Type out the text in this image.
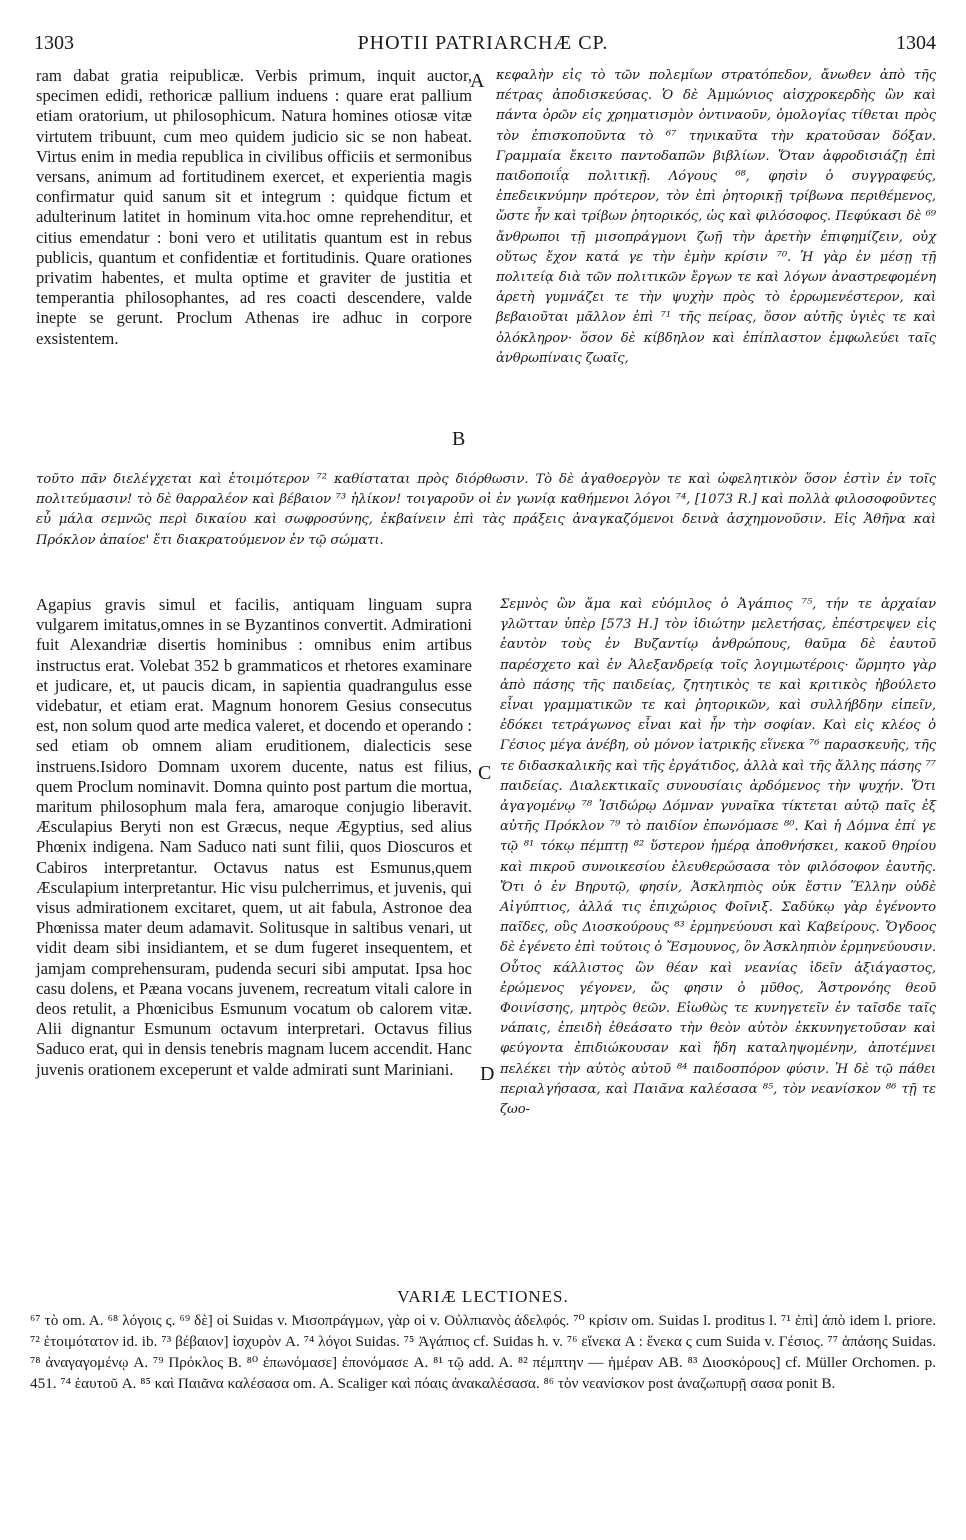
1303	PHOTII PATRIARCHÆ CP.	1304

ram dabat gratia reipublicæ. Verbis primum, inquit auctor, specimen edidi, rethoricæ pallium induens : quare erat pallium etiam oratorium, ut philosophicum. Natura homines otiosæ vitæ virtutem tribuunt, cum meo quidem judicio sic se non habeat. Virtus enim in media republica in civilibus officiis et sermonibus versans, animum ad fortitudinem exercet, et experientia magis confirmatur quid sanum sit et integrum : quidque fictum et adulterinum latitet in hominum vita.hoc omne reprehenditur, et citius emendatur : boni vero et utilitatis quantum est in rebus publicis, quantum et confidentiæ et fortitudinis. Quare orationes privatim habentes, et multa optime et graviter de justitia et temperantia philosophantes, ad res coacti descendere, valde inepte se gerunt. Proclum Athenas ire adhuc in corpore exsistentem.

A κεφαλὴν εἰς τὸ τῶν πολεμίων στρατόπεδον, ἄνωθεν ἀπὸ τῆς πέτρας ἀποδισκεύσας. Ὁ δὲ Ἀμμώνιος αἰσχροκερδὴς ὢν καὶ πάντα ὁρῶν εἰς χρηματισμὸν ὀντιναοῦν, ὁμολογίας τίθεται πρὸς τὸν ἐπισκοποῦντα τὸ ⁶⁷ τηνικαῦτα τὴν κρατοῦσαν δόξαν. Γραμμαία ἔκειτο παντοδαπῶν βιβλίων. Ὅταν ἀφροδισιάζῃ ἐπὶ παιδοποιΐᾳ πολιτικῇ. Λόγους ⁶⁸, φησὶν ὁ συγγραφεύς, ἐπεδεικνύμην πρότερον, τὸν ἐπὶ ῥητορικῇ τρίβωνα περιθέμενος, ὥστε ἦν καὶ τρίβων ῥητορικός, ὡς καὶ φιλόσοφος. Πεφύκασι δὲ ⁶⁹ ἄνθρωποι τῇ μισοπράγμονι ζωῇ τὴν ἀρετὴν ἐπιφημίζειν, οὐχ οὕτως ἔχον κατά γε τὴν ἐμὴν κρίσιν ⁷⁰. Ἡ γὰρ ἐν μέσῃ τῇ πολιτείᾳ διὰ τῶν πολιτικῶν ἔργων τε καὶ λόγων ἀναστρεφομένη ἀρετὴ γυμνάζει τε τὴν ψυχὴν πρὸς τὸ ἐρρωμενέστερον, καὶ βεβαιοῦται μᾶλλον ἐπὶ ⁷¹ τῆς πείρας, ὅσον αὐτῆς ὑγιὲς τε καὶ ὁλόκληρον· ὅσον δὲ κίβδηλον καὶ ἐπίπλαστον ἐμφωλεύει ταῖς ἀνθρωπίναις ζωαῖς,

B

τοῦτο πᾶν διελέγχεται καὶ ἑτοιμότερον ⁷² καθίσταται πρὸς διόρθωσιν. Τὸ δὲ ἀγαθοεργὸν τε καὶ ὠφελητικὸν ὅσον ἐστὶν ἐν τοῖς πολιτεύμασιν! τὸ δὲ θαρραλέον καὶ βέβαιον ⁷³ ἡλίκον! τοιγαροῦν οἱ ἐν γωνίᾳ καθήμενοι λόγοι ⁷⁴, [1073 R.] καὶ πολλὰ φιλοσοφοῦντες εὖ μάλα σεμνῶς περὶ δικαίου καὶ σωφροσύνης, ἐκβαίνειν ἐπὶ τὰς πράξεις ἀναγκαζόμενοι δεινὰ ἀσχημονοῦσιν. Εἰς Ἀθῆνα καὶ Πρόκλον ἀπαίοε' ἔτι διακρατούμενον ἐν τῷ σώματι.

Agapius gravis simul et facilis, antiquam linguam supra vulgarem imitatus,omnes in se Byzantinos convertit. Admirationi fuit Alexandriæ disertis hominibus : omnibus enim artibus instructus erat. Volebat 352 b grammaticos et rhetores examinare et judicare, et, ut paucis dicam, in sapientia quadrangulus esse videbatur, et etiam erat. Magnum honorem Gesius consecutus est, non solum quod arte medica valeret, et docendo et operando : sed etiam ob omnem aliam eruditionem, dialecticis sese instruens.Isidoro Domnam uxorem ducente, natus est filius, quem Proclum nominavit. Domna quinto post partum die mortua, maritum philosophum mala fera, amaroque conjugio liberavit. Æsculapius Beryti non est Græcus, neque Ægyptius, sed alius Phœnix indigena. Nam Saduco nati sunt filii, quos Dioscuros et Cabiros interpretantur. Octavus natus est Esmunus,quem Æsculapium interpretantur. Hic visu pulcherrimus, et juvenis, qui visus admirationem excitaret, quem, ut ait fabula, Astronoe dea Phœnissa mater deum adamavit. Solitusque in saltibus venari, ut vidit deam sibi insidiantem, et se dum fugeret insequentem, et jamjam comprehensuram, pudenda securi sibi amputat. Ipsa hoc casu dolens, et Pæana vocans juvenem, recreatum vitali calore in deos retulit, a Phœnicibus Esmunum vocatum ob calorem vitæ. Alii dignantur Esmunum octavum interpretari. Octavus filius Saduco erat, qui in densis tenebris magnam lucem accendit. Hanc juvenis orationem exceperunt et valde admirati sunt Mariniani.

C
D

Σεμνὸς ὢν ἅμα καὶ εὐόμιλος ὁ Ἀγάπιος ⁷⁵, τήν τε ἀρχαίαν γλῶτταν ὑπὲρ [573 H.] τὸν ἰδιώτην μελετήσας, ἐπέστρεψεν εἰς ἑαυτὸν τοὺς ἐν Βυζαντίῳ ἀνθρώπους, θαῦμα δὲ ἑαυτοῦ παρέσχετο καὶ ἐν Ἀλεξανδρείᾳ τοῖς λογιμωτέροις· ὥρμητο γὰρ ἀπὸ πάσης τῆς παιδείας, ζητητικὸς τε καὶ κριτικὸς ἠβούλετο εἶναι γραμματικῶν τε καὶ ῥητορικῶν, καὶ συλλήβδην εἰπεῖν, ἐδόκει τετράγωνος εἶναι καὶ ἦν τὴν σοφίαν. Καὶ εἰς κλέος ὁ Γέσιος μέγα ἀνέβη, οὐ μόνον ἰατρικῆς εἵνεκα ⁷⁶ παρασκευῆς, τῆς τε διδασκαλικῆς καὶ τῆς ἐργάτιδος, ἀλλὰ καὶ τῆς ἄλλης πάσης ⁷⁷ παιδείας. Διαλεκτικαῖς συνουσίαις ἀρδόμενος τὴν ψυχήν. Ὅτι ἀγαγομένῳ ⁷⁸ Ἰσιδώρῳ Δόμναν γυναῖκα τίκτεται αὐτῷ παῖς ἐξ αὐτῆς Πρόκλον ⁷⁹ τὸ παιδίον ἐπωνόμασε ⁸⁰. Καὶ ἡ Δόμνα ἐπί γε τῷ ⁸¹ τόκῳ πέμπτῃ ⁸² ὕστερον ἡμέρᾳ ἀποθνήσκει, κακοῦ θηρίου καὶ πικροῦ συνοικεσίου ἐλευθερώσασα τὸν φιλόσοφον ἑαυτῆς. Ὅτι ὁ ἐν Βηρυτῷ, φησίν, Ἀσκληπιὸς οὐκ ἔστιν Ἕλλην οὐδὲ Αἰγύπτιος, ἀλλά τις ἐπιχώριος Φοῖνιξ. Σαδύκῳ γὰρ ἐγένοντο παῖδες, οὓς Διοσκούρους ⁸³ ἑρμηνεύουσι καὶ Καβείρους. Ὄγδοος δὲ ἐγένετο ἐπὶ τούτοις ὁ Ἔσμουνος, ὃν Ἀσκληπιὸν ἑρμηνεύουσιν. Οὗτος κάλλιστος ὢν θέαν καὶ νεανίας ἰδεῖν ἀξιάγαστος, ἐρώμενος γέγονεν, ὥς φησιν ὁ μῦθος, Ἀστρονόης θεοῦ Φοινίσσης, μητρὸς θεῶν. Εἰωθὼς τε κυνηγετεῖν ἐν ταῖσδε ταῖς νάπαις, ἐπειδὴ ἐθεάσατο τὴν θεὸν αὐτὸν ἐκκυνηγετοῦσαν καὶ φεύγοντα ἐπιδιώκουσαν καὶ ἤδη καταληψομένην, ἀποτέμνει πελέκει τὴν αὐτὸς αὐτοῦ ⁸⁴ παιδοσπόρον φύσιν. Ἡ δὲ τῷ πάθει περιαλγήσασα, καὶ Παιᾶνα καλέσασα ⁸⁵, τὸν νεανίσκον ⁸⁶ τῇ τε ζωο-

VARIÆ LECTIONES.

⁶⁷ τὸ om. A. ⁶⁸ λόγοις ς. ⁶⁹ δὲ] οἱ Suidas v. Μισοπράγμων, γὰρ οἱ v. Οὐλπιανὸς ἀδελφός. ⁷⁰ κρίσιν om. Suidas l. proditus l. ⁷¹ ἐπὶ] ἀπὸ idem l. priore. ⁷² ἑτοιμότατον id. ib. ⁷³ βέβαιον] ἰσχυρὸν A. ⁷⁴ λόγοι Suidas. ⁷⁵ Ἀγάπιος cf. Suidas h. v. ⁷⁶ εἵνεκα A : ἕνεκα ς cum Suida v. Γέσιος. ⁷⁷ ἁπάσης Suidas. ⁷⁸ ἀναγαγομένῳ A. ⁷⁹ Πρόκλος B. ⁸⁰ ἐπωνόμασε] ἐπονόμασε A. ⁸¹ τῷ add. A. ⁸² πέμπτην — ἡμέραν AB. ⁸³ Διοσκόρους] cf. Müller Orchomen. p. 451. ⁷⁴ ἑαυτοῦ A. ⁸⁵ καὶ Παιᾶνα καλέσασα om. A. Scaliger καὶ πόαις ἀνακαλέσασα. ⁸⁶ τὸν νεανίσκον post ἀναζωπυρῇ σασα ponit B.
